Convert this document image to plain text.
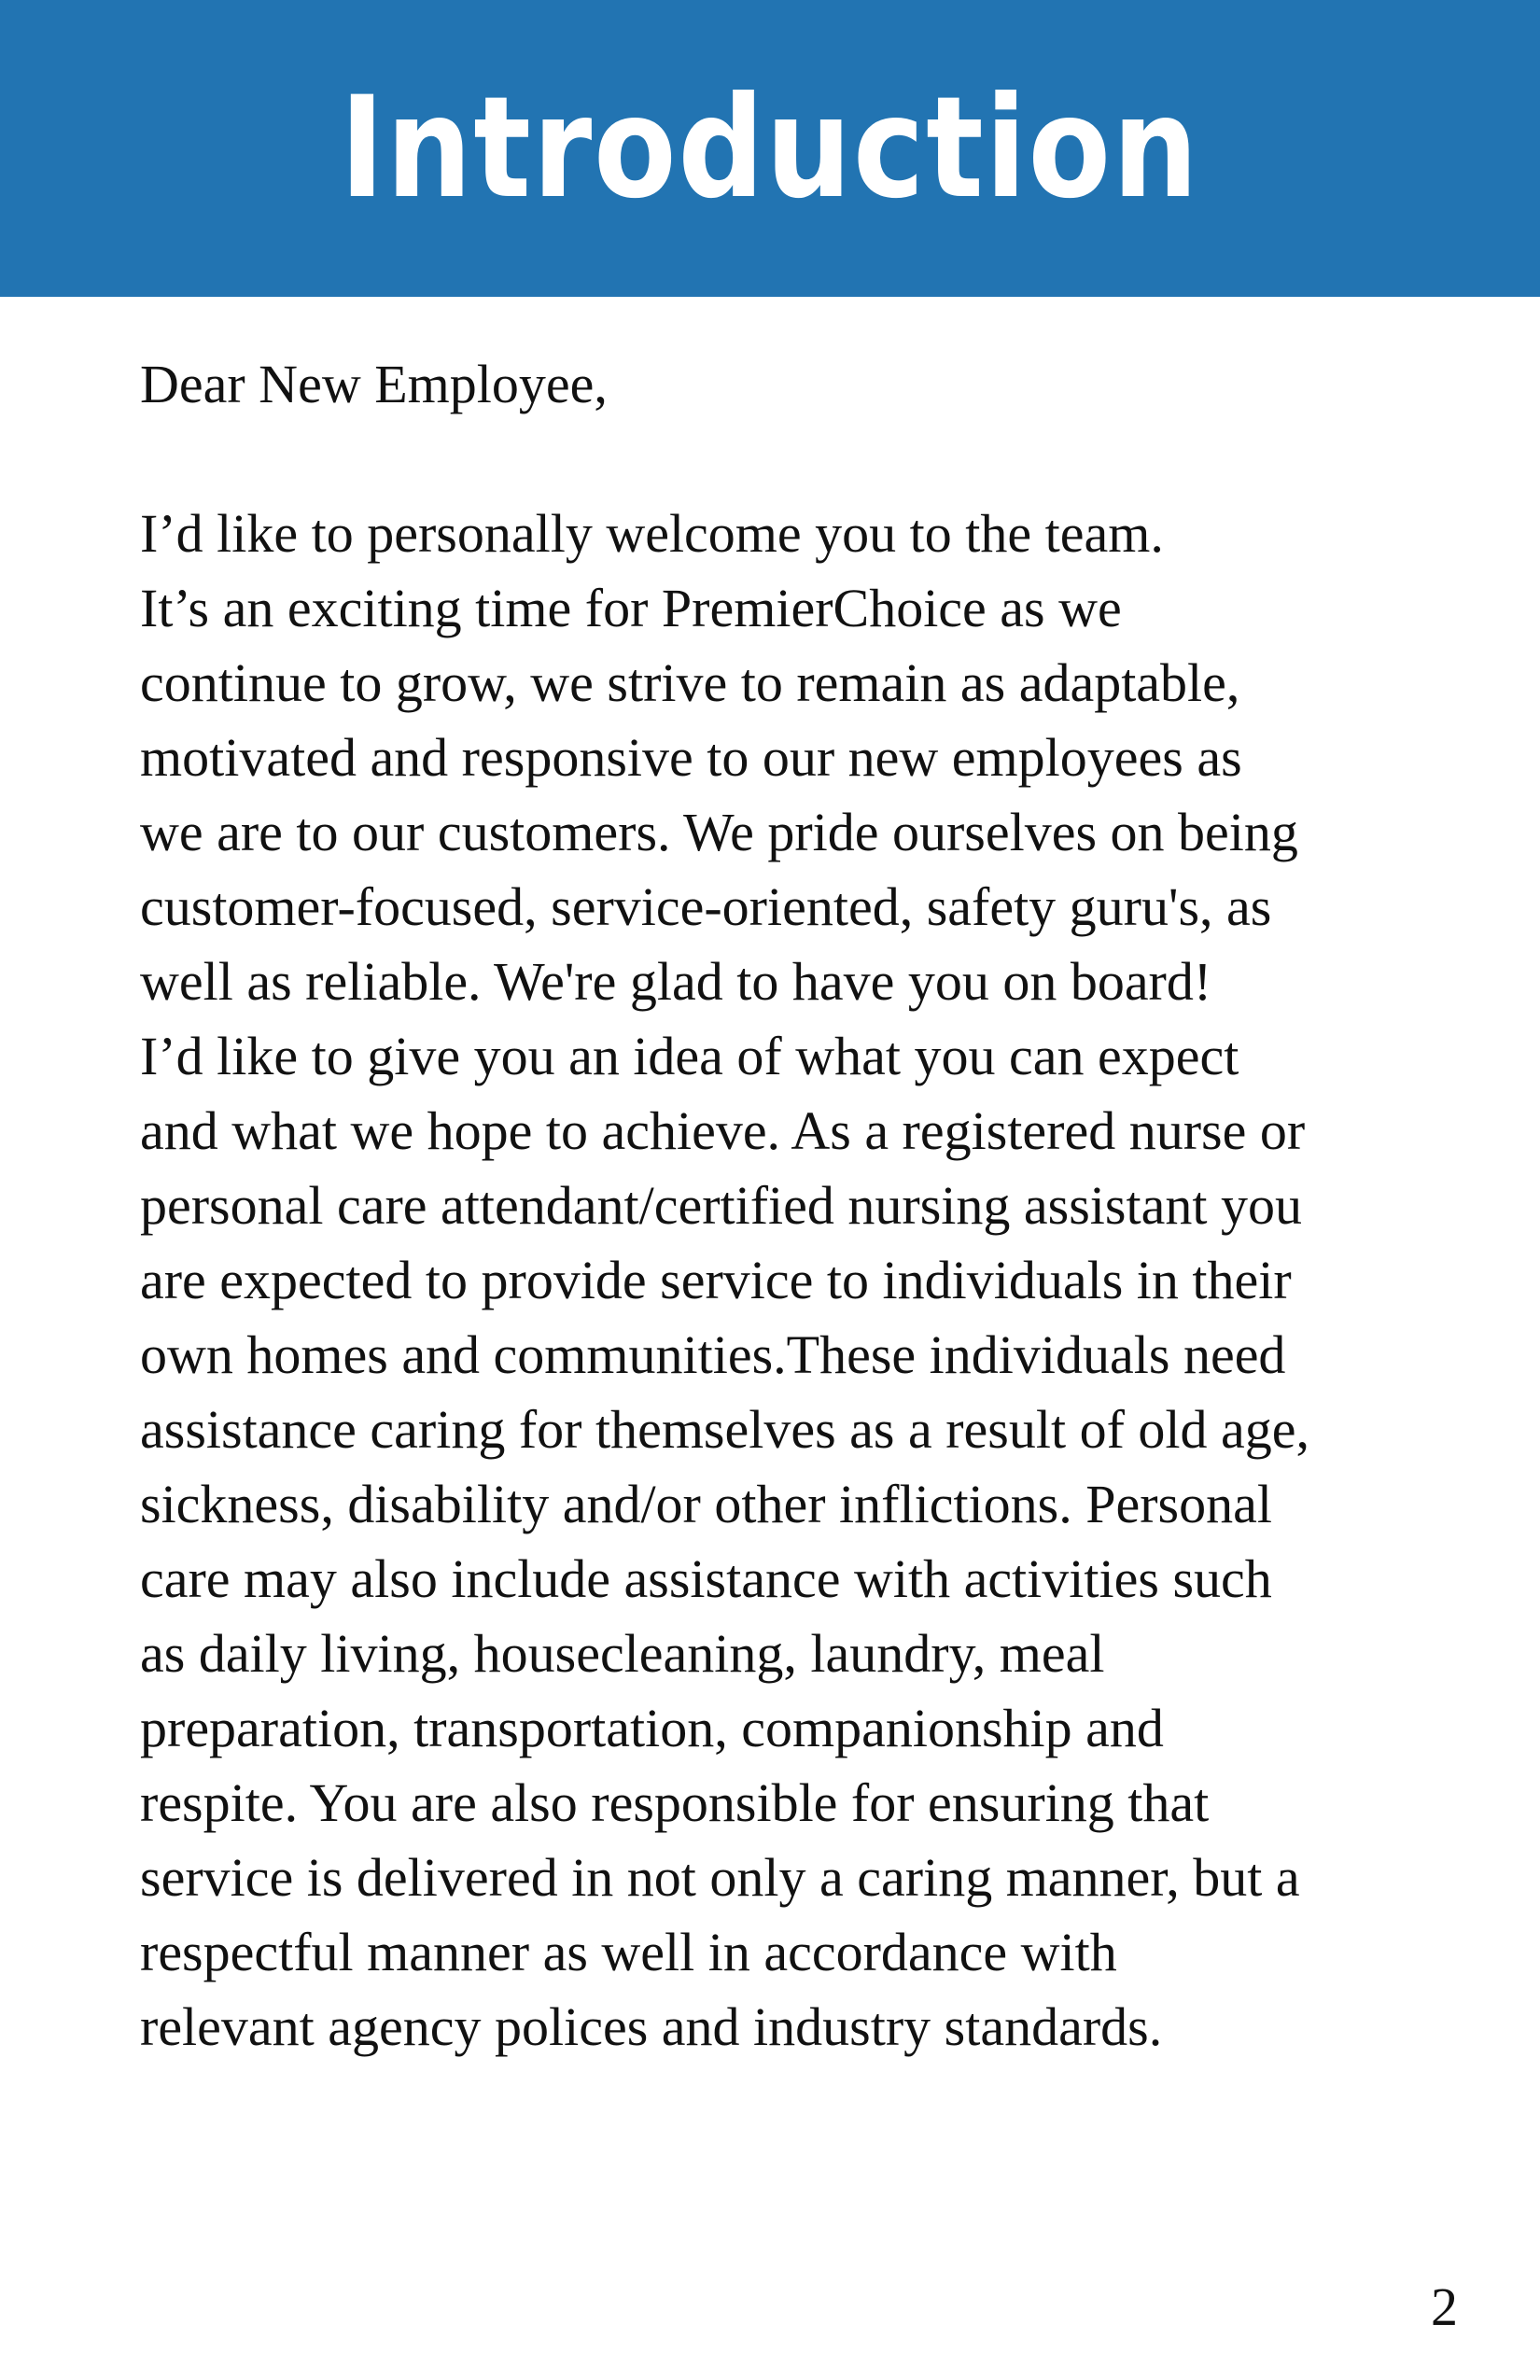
Introduction

Dear New Employee,

I’d like to personally welcome you to the team.
It’s an exciting time for PremierChoice as we
continue to grow, we strive to remain as adaptable,
motivated and responsive to our new employees as
we are to our customers. We pride ourselves on being
customer-focused, service-oriented, safety guru's, as
well as reliable. We're glad to have you on board!

I’d like to give you an idea of what you can expect
and what we hope to achieve. As a registered nurse or
personal care attendant/certified nursing assistant you
are expected to provide service to individuals in their
own homes and communities.These individuals need
assistance caring for themselves as a result of old age,
sickness, disability and/or other inflictions. Personal
care may also include assistance with activities such
as daily living, housecleaning, laundry, meal
preparation, transportation, companionship and
respite. You are also responsible for ensuring that
service is delivered in not only a caring manner, but a
respectful manner as well in accordance with
relevant agency polices and industry standards.

2
